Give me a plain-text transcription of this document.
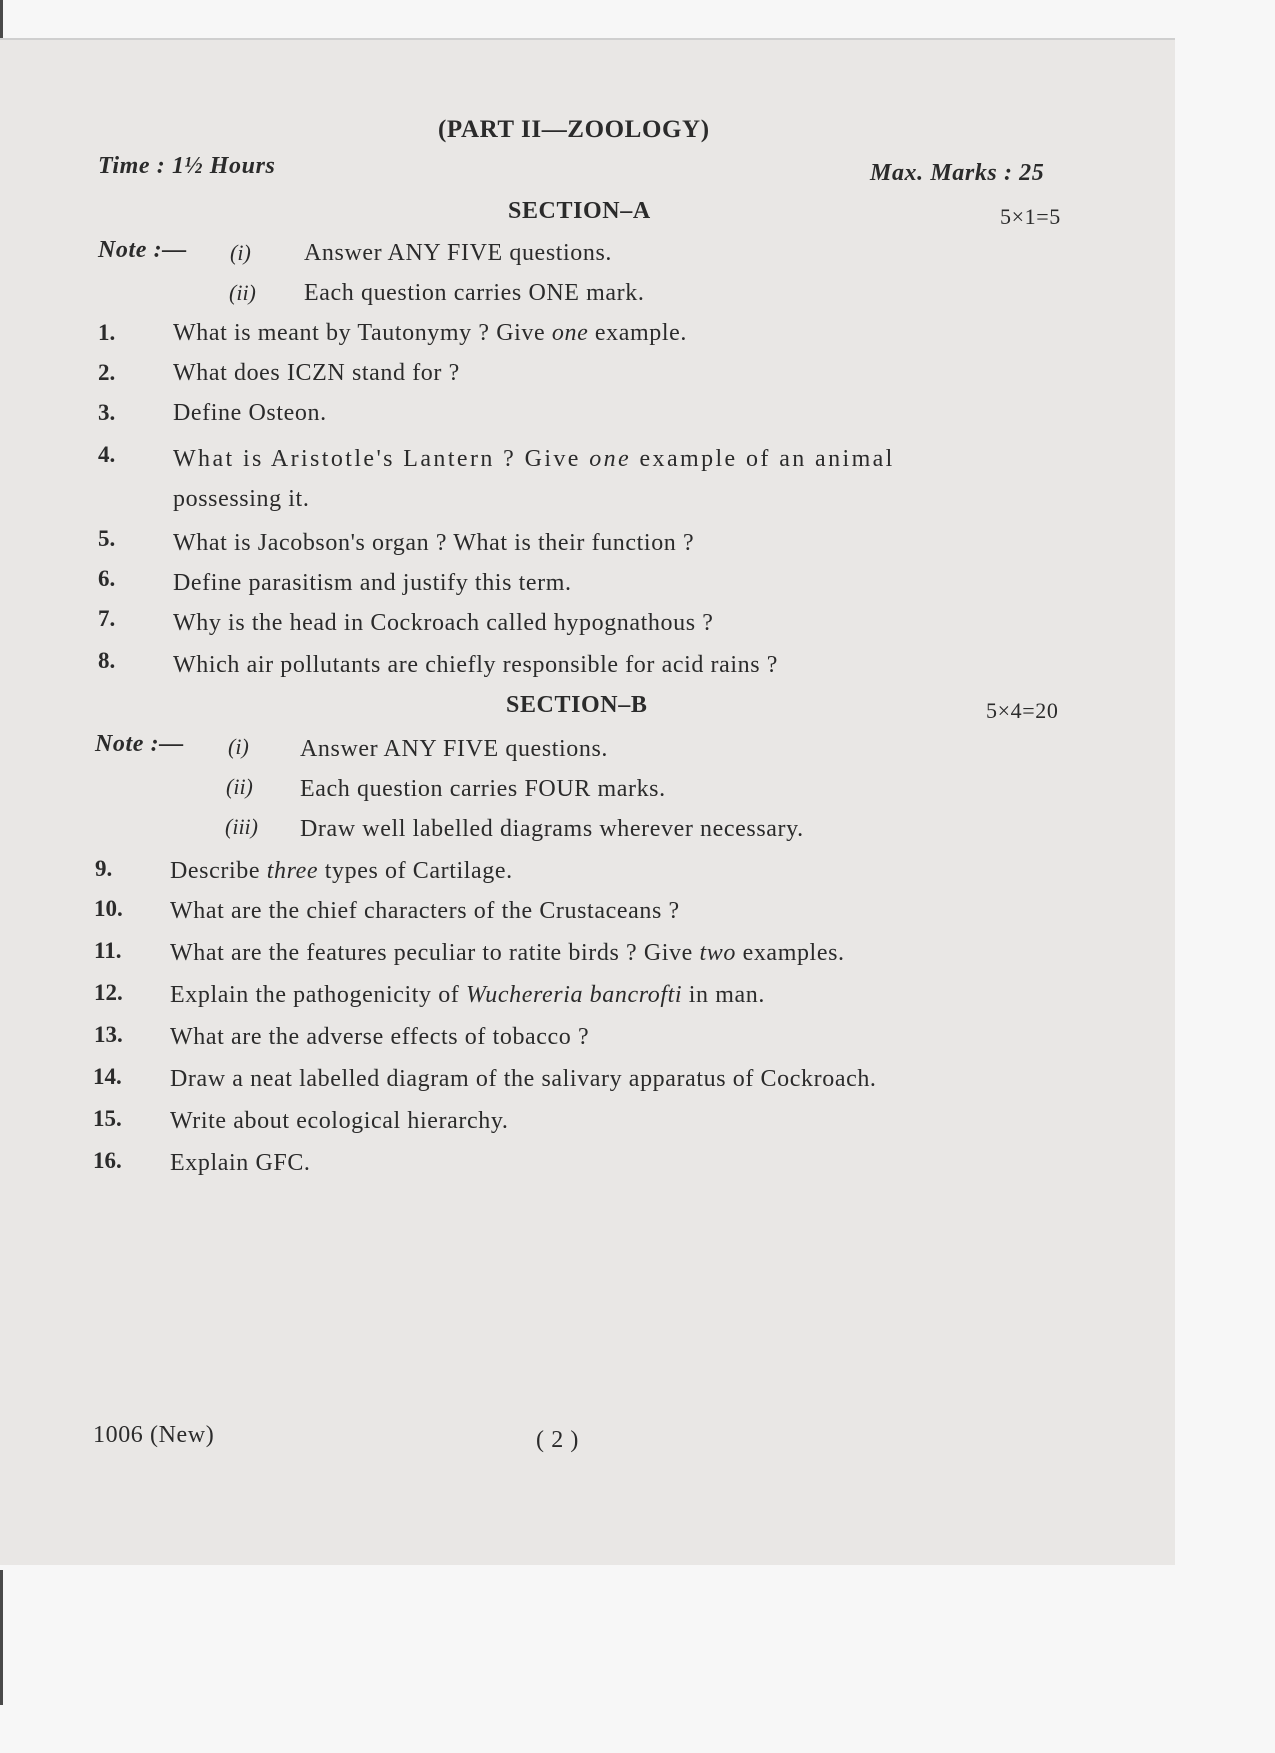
(PART II—ZOOLOGY)
Time : 1½ Hours	Max. Marks : 25
SECTION–A	5×1=5
Note :— (i) Answer ANY FIVE questions.
(ii) Each question carries ONE mark.
1. What is meant by Tautonymy ? Give one example.
2. What does ICZN stand for ?
3. Define Osteon.
4. What is Aristotle's Lantern ? Give one example of an animal
possessing it.
5. What is Jacobson's organ ? What is their function ?
6. Define parasitism and justify this term.
7. Why is the head in Cockroach called hypognathous ?
8. Which air pollutants are chiefly responsible for acid rains ?
SECTION–B	5×4=20
Note :— (i) Answer ANY FIVE questions.
(ii) Each question carries FOUR marks.
(iii) Draw well labelled diagrams wherever necessary.
9. Describe three types of Cartilage.
10. What are the chief characters of the Crustaceans ?
11. What are the features peculiar to ratite birds ? Give two examples.
12. Explain the pathogenicity of Wuchereria bancrofti in man.
13. What are the adverse effects of tobacco ?
14. Draw a neat labelled diagram of the salivary apparatus of Cockroach.
15. Write about ecological hierarchy.
16. Explain GFC.
1006 (New)	( 2 )
